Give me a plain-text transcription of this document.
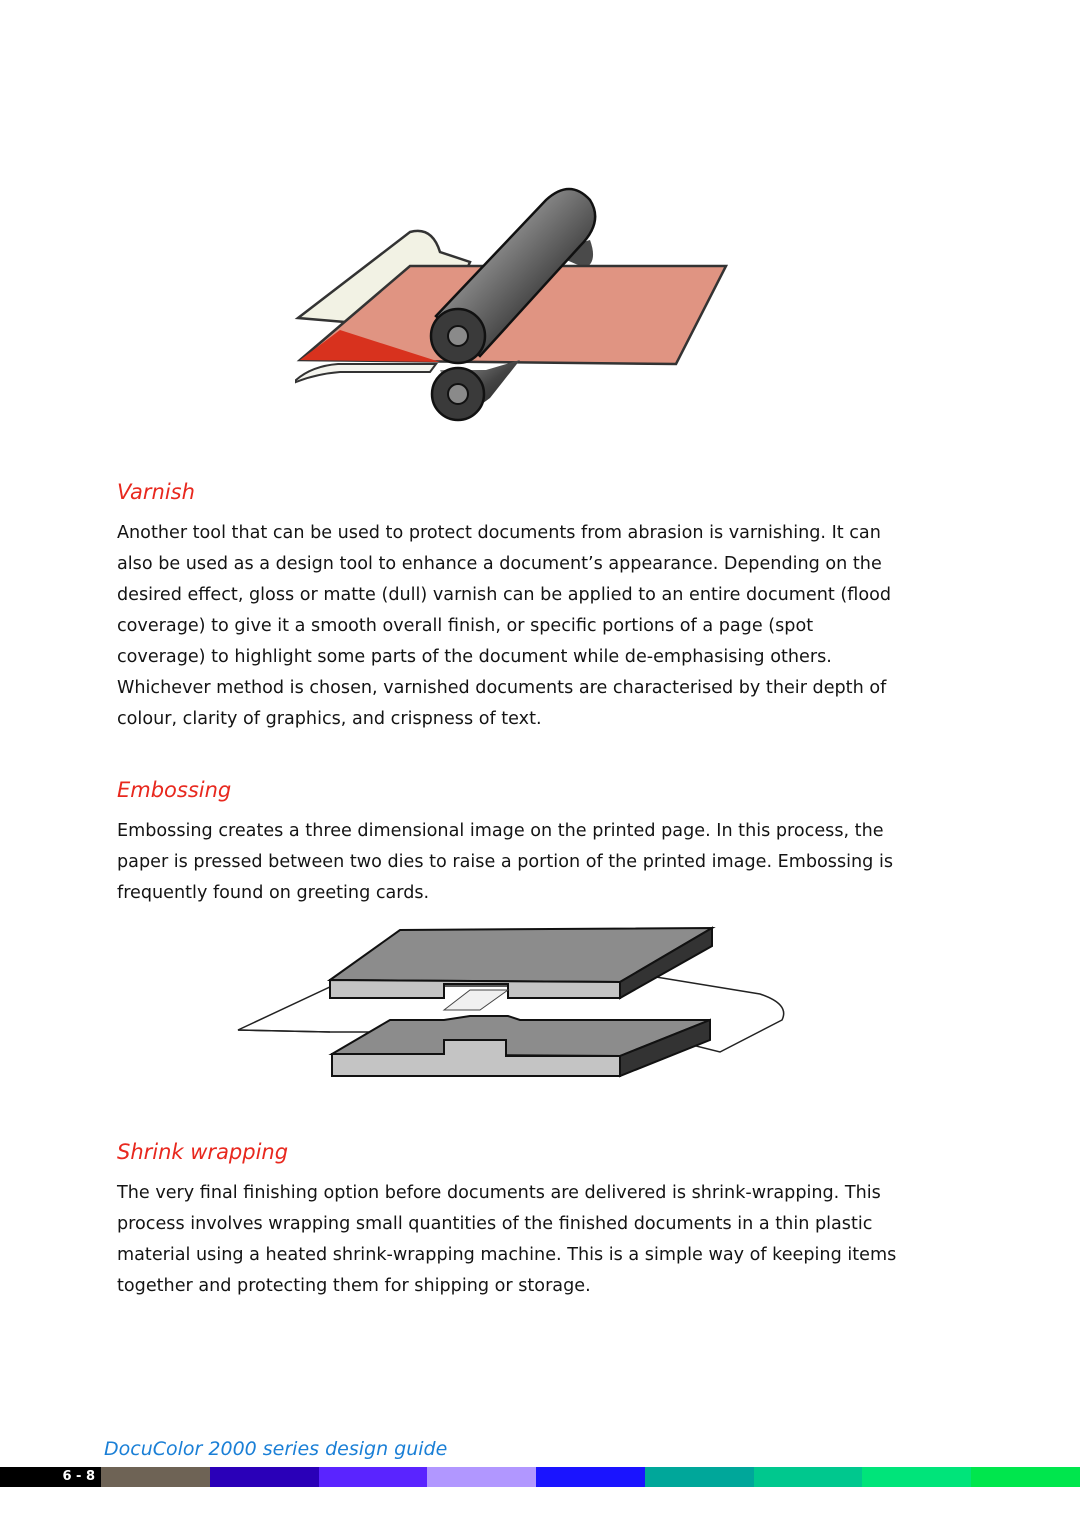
Varnish

Another tool that can be used to protect documents from abrasion is varnishing. It can
also be used as a design tool to enhance a document’s appearance. Depending on the
desired effect, gloss or matte (dull) varnish can be applied to an entire document (flood
coverage) to give it a smooth overall finish, or specific portions of a page (spot
coverage) to highlight some parts of the document while de-emphasising others.
Whichever method is chosen, varnished documents are characterised by their depth of
colour, clarity of graphics, and crispness of text.

Embossing

Embossing creates a three dimensional image on the printed page. In this process, the
paper is pressed between two dies to raise a portion of the printed image. Embossing is
frequently found on greeting cards.

Shrink wrapping

The very final finishing option before documents are delivered is shrink-wrapping. This
process involves wrapping small quantities of the finished documents in a thin plastic
material using a heated shrink-wrapping machine. This is a simple way of keeping items
together and protecting them for shipping or storage.

DocuColor 2000 series design guide
6 - 8
